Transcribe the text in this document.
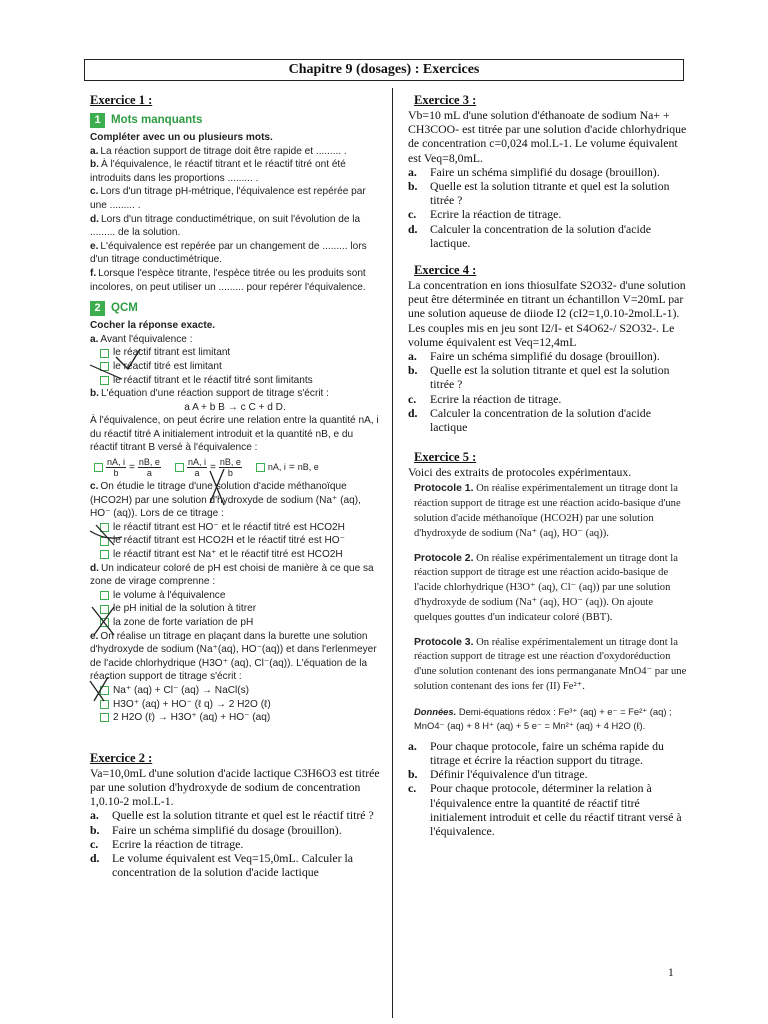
Chapitre 9 (dosages) : Exercices
Exercice 1 :
1 Mots manquants

Compléter avec un ou plusieurs mots.

a. La réaction support de titrage doit être rapide et ......... .

b. À l'équivalence, le réactif titrant et le réactif titré ont été introduits dans les proportions ......... .

c. Lors d'un titrage pH-métrique, l'équivalence est repérée par une ......... .

d. Lors d'un titrage conductimétrique, on suit l'évolution de la ......... de la solution.

e. L'équivalence est repérée par un changement de ......... lors d'un titrage conductimétrique.

f. Lorsque l'espèce titrante, l'espèce titrée ou les produits sont incolores, on peut utiliser un ......... pour repérer l'équivalence.

2 QCM

Cocher la réponse exacte.

a. Avant l'équivalence :

le réactif titrant est limitant
le réactif titré est limitant
le réactif titrant et le réactif titré sont limitants

b. L'équation d'une réaction support de titrage s'écrit :

a A + b B → c C + d D.

À l'équivalence, on peut écrire une relation entre la quantité nA, i du réactif titré A initialement introduit et la quantité nB, e du réactif titrant B versé à l'équivalence :

$\frac{nA, i}{b} = \frac{nB, e}{a}$	$\frac{nA, i}{a} = \frac{nB, e}{b}$	nA, i = nB, e

c. On étudie le titrage d'une solution d'acide méthanoïque (HCO2H) par une solution d'hydroxyde de sodium (Na⁺ (aq), HO⁻ (aq)). Lors de ce titrage :

le réactif titrant est HO⁻ et le réactif titré est HCO2H
le réactif titrant est HCO2H et le réactif titré est HO⁻
le réactif titrant est Na⁺ et le réactif titré est HCO2H

d. Un indicateur coloré de pH est choisi de manière à ce que sa zone de virage comprenne :

le volume à l'équivalence
le pH initial de la solution à titrer
la zone de forte variation de pH

e. On réalise un titrage en plaçant dans la burette une solution d'hydroxyde de sodium (Na⁺(aq), HO⁻(aq)) et dans l'erlenmeyer de l'acide chlorhydrique (H3O⁺ (aq), Cl⁻(aq)). L'équation de la réaction support de titrage s'écrit :

Na⁺ (aq) + Cl⁻ (aq) → NaCl(s)
H3O⁺ (aq) + HO⁻ (ℓ q) → 2 H2O (ℓ)
2 H2O (ℓ) → H3O⁺ (aq) + HO⁻ (aq)
Exercice 2 :

Va=10,0mL d'une solution d'acide lactique C3H6O3 est titrée par une solution d'hydroxyde de sodium de concentration 1,0.10-2 mol.L-1.

a.	Quelle est la solution titrante et quel est le réactif titré ?
b.	Faire un schéma simplifié du dosage (brouillon).
c.	Ecrire la réaction de titrage.
d.	Le volume équivalent est Veq=15,0mL. Calculer la concentration de la solution d'acide lactique
Exercice 3 :

Vb=10 mL d'une solution d'éthanoate de sodium Na+ + CH3COO- est titrée par une solution d'acide chlorhydrique de concentration c=0,024 mol.L-1. Le volume équivalent est Veq=8,0mL.

a.	Faire un schéma simplifié du dosage (brouillon).
b.	Quelle est la solution titrante et quel est la solution titrée ?
c.	Ecrire la réaction de titrage.
d.	Calculer la concentration de la solution d'acide lactique.
Exercice 4 :

La concentration en ions thiosulfate S2O32- d'une solution peut être déterminée en titrant un échantillon V=20mL par une solution aqueuse de diiode I2 (cI2=1,0.10-2mol.L-1). Les couples mis en jeu sont I2/I- et S4O62-/ S2O32-. Le volume équivalent est Veq=12,4mL

a.	Faire un schéma simplifié du dosage (brouillon).
b.	Quelle est la solution titrante et quel est la solution titrée ?
c.	Ecrire la réaction de titrage.
d.	Calculer la concentration de la solution d'acide lactique
Exercice 5 :

Voici des extraits de protocoles expérimentaux.

Protocole 1. On réalise expérimentalement un titrage dont la réaction support de titrage est une réaction acido-basique d'une solution d'acide méthanoïque (HCO2H) par une solution d'hydroxyde de sodium (Na⁺ (aq), HO⁻ (aq)).

Protocole 2. On réalise expérimentalement un titrage dont la réaction support de titrage est une réaction acido-basique de l'acide chlorhydrique (H3O⁺ (aq), Cl⁻ (aq)) par une solution d'hydroxyde de sodium (Na⁺ (aq), HO⁻ (aq)). On ajoute quelques gouttes d'un indicateur coloré (BBT).

Protocole 3. On réalise expérimentalement un titrage dont la réaction support de titrage est une réaction d'oxydoréduction d'une solution contenant des ions permanganate MnO4⁻ par une solution contenant des ions fer (II) Fe²⁺.

Données. Demi-équations rédox : Fe³⁺ (aq) + e⁻ = Fe²⁺ (aq) ;
MnO4⁻ (aq) + 8 H⁺ (aq) + 5 e⁻ = Mn²⁺ (aq) + 4 H2O (ℓ).
a.	Pour chaque protocole, faire un schéma rapide du titrage et écrire la réaction support du titrage.
b.	Définir l'équivalence d'un titrage.
c.	Pour chaque protocole, déterminer la relation à l'équivalence entre la quantité de réactif titré initialement introduit et celle du réactif titrant versé à l'équivalence.
1
